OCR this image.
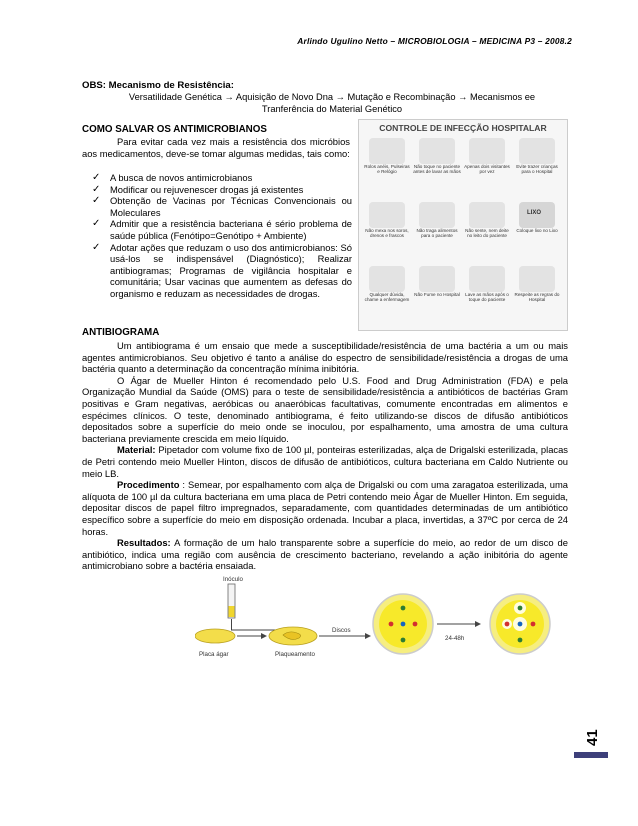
Arlindo Ugulino Netto – MICROBIOLOGIA – MEDICINA P3 – 2008.2
OBS: Mecanismo de Resistência:
Versatilidade Genética → Aquisição de Novo Dna → Mutação e Recombinação → Mecanismos ee
Tranferência do Material Genético
COMO SALVAR OS ANTIMICROBIANOS
Para evitar cada vez mais a resistência dos micróbios aos medicamentos, deve-se tomar algumas medidas, tais como:
✓ A busca de novos antimicrobianos
✓ Modificar ou rejuvenescer drogas já existentes
✓ Obtenção de Vacinas por Técnicas Convencionais ou Moleculares
✓ Admitir que a resistência bacteriana é sério problema de saúde pública (Fenótipo=Genótipo + Ambiente)
✓ Adotar ações que reduzam o uso dos antimicrobianos: Só usá-los se indispensável (Diagnóstico); Realizar antibiogramas; Programas de vigilância hospitalar e comunitária; Usar vacinas que aumentem as defesas do organismo e reduzam as necessidades de drogas.
CONTROLE DE INFECÇÃO HOSPITALAR
Rolos anéis, Pulseiras e Relógio
Não toque no paciente antes de lavar as mãos
Apenas dois visitantes por vez
Evite trazer crianças para o Hospital
Não mexa nos soros, drenos e frascos
Não traga alimentos para o paciente
Não sente, nem deite no leito do paciente
LIXO
Coloque lixo no Lixo
Qualquer dúvida, chame a enfermagem
Não Fume no Hospital	Lave as mãos após o toque do paciente
Respeite as regras do Hospital
ANTIBIOGRAMA
Um antibiograma é um ensaio que mede a susceptibilidade/resistência de uma bactéria a um ou mais agentes antimicrobianos. Seu objetivo é tanto a análise do espectro de sensibilidade/resistência a drogas de uma bactéria quanto a determinação da concentração mínima inibitória.
O Ágar de Mueller Hinton é recomendado pelo U.S. Food and Drug Administration (FDA) e pela Organização Mundial da Saúde (OMS) para o teste de sensibilidade/resistência a antibióticos de bactérias Gram positivas e Gram negativas, aeróbicas ou anaeróbicas facultativas, comumente encontradas em alimentos e espécimes clínicos. O teste, denominado antibiograma, é feito utilizando-se discos de difusão antibióticos depositados sobre a superfície do meio onde se inoculou, por espalhamento, uma amostra de uma cultura bacteriana previamente crescida em meio líquido.
Material: Pipetador com volume fixo de 100 µl, ponteiras esterilizadas, alça de Drigalski esterilizada, placas de Petri contendo meio Mueller Hinton, discos de difusão de antibióticos, cultura bacteriana em Caldo Nutriente ou meio LB.
Procedimento : Semear, por espalhamento com alça de Drigalski ou com uma zaragatoa esterilizada, uma alíquota de 100 µl da cultura bacteriana em uma placa de Petri contendo meio Ágar de Mueller Hinton. Em seguida, depositar discos de papel filtro impregnados, separadamente, com quantidades determinadas de um antibiótico específico sobre a superfície do meio em disposição ordenada. Incubar a placa, invertidas, a 37ºC por cerca de 24 horas.
Resultados: A formação de um halo transparente sobre a superfície do meio, ao redor de um disco de antibiótico, indica uma região com ausência de crescimento bacteriano, revelando a ação inibitória do agente antimicrobiano sobre a bactéria ensaiada.
Inóculo
Placa ágar	Plaqueamento
Discos
24-48h
41
